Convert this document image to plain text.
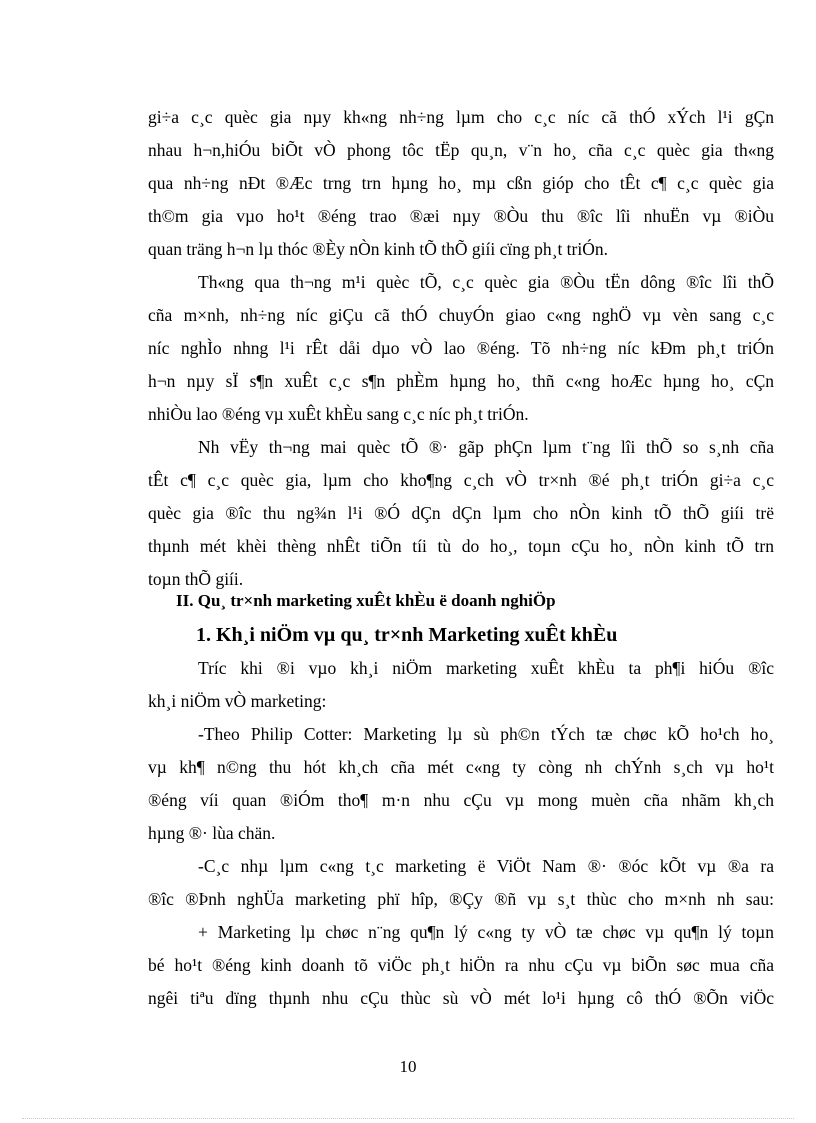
gi÷a c¸c quèc gia nµy kh«ng nh÷ng lµm cho c¸c níc cã thÓ xÝch l¹i gÇn
nhau h¬n,hiÓu biÕt vÒ phong tôc tËp qu¸n, v¨n ho¸ cña c¸c quèc gia th«ng
qua nh÷ng nÐt ®Æc trng trn hµng ho¸ mµ cßn gióp cho tÊt c¶ c¸c quèc gia
th©m gia vµo ho¹t ®éng trao ®æi nµy ®Òu thu ®îc lîi nhuËn vµ ®iÒu
quan träng h¬n lµ thóc ®Èy nÒn kinh tÕ thÕ giíi cïng ph¸t triÓn.
Th«ng qua th¬ng m¹i quèc tÕ, c¸c quèc gia ®Òu tËn dông ®îc lîi thÕ
cña m×nh, nh÷ng níc giÇu cã thÓ chuyÓn giao c«ng nghÖ vµ vèn sang c¸c
níc nghÌo nhng l¹i rÊt dåi dµo vÒ lao ®éng. Tõ nh÷ng níc kÐm ph¸t triÓn
h¬n nµy sÏ s¶n xuÊt c¸c s¶n phÈm hµng ho¸ thñ c«ng hoÆc hµng ho¸ cÇn
nhiÒu lao ®éng vµ xuÊt khÈu sang c¸c níc ph¸t triÓn.
Nh vËy th¬ng mai quèc tÕ ®· gãp phÇn lµm t¨ng lîi thÕ so s¸nh cña
tÊt c¶ c¸c quèc gia, lµm cho kho¶ng c¸ch vÒ tr×nh ®é ph¸t triÓn gi÷a c¸c
quèc gia ®îc thu ng¾n l¹i ®Ó dÇn dÇn lµm cho nÒn kinh tÕ thÕ giíi trë
thµnh mét khèi thèng nhÊt tiÕn tíi tù do ho¸, toµn cÇu ho¸ nÒn kinh tÕ trn
toµn thÕ giíi.
II. Qu¸ tr×nh marketing xuÊt khÈu ë doanh nghiÖp
1. Kh¸i niÖm vµ qu¸ tr×nh Marketing xuÊt khÈu
Tríc khi ®i vµo kh¸i niÖm marketing xuÊt khÈu ta ph¶i hiÓu ®îc
kh¸i niÖm vÒ marketing:
-Theo Philip Cotter: Marketing lµ sù ph©n tÝch tæ chøc kÕ ho¹ch ho¸
vµ kh¶ n©ng thu hót kh¸ch cña mét c«ng ty còng nh chÝnh s¸ch vµ ho¹t
®éng víi quan ®iÓm tho¶ m·n nhu cÇu vµ mong muèn cña nhãm kh¸ch
hµng ®· lùa chän.
-C¸c nhµ lµm c«ng t¸c marketing ë ViÖt Nam ®· ®óc kÕt vµ ®a ra
®îc ®Þnh nghÜa marketing phï hîp, ®Çy ®ñ vµ s¸t thùc cho m×nh nh sau:
+ Marketing lµ chøc n¨ng qu¶n lý c«ng ty vÒ tæ chøc vµ qu¶n lý toµn
bé ho¹t ®éng kinh doanh tõ viÖc ph¸t hiÖn ra nhu cÇu vµ biÕn søc mua cña
ngêi tiªu dïng thµnh nhu cÇu thùc sù vÒ mét lo¹i hµng cô thÓ ®Õn viÖc
10
